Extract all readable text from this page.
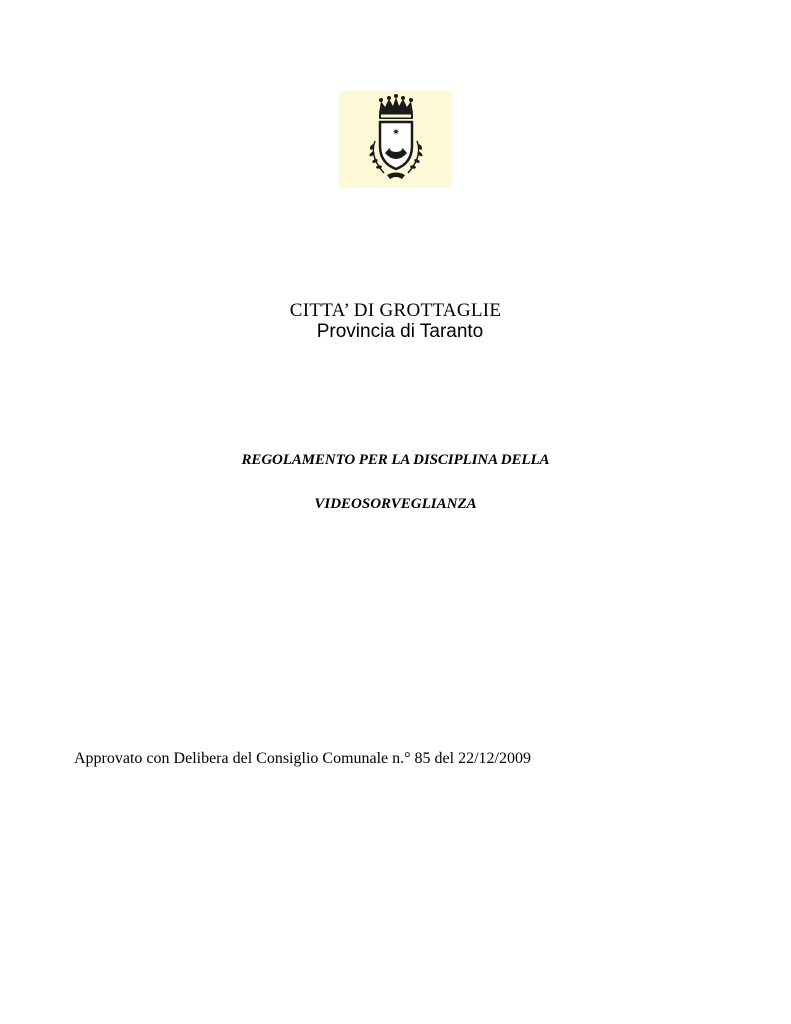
✷
CITTA’ DI GROTTAGLIE
Provincia di Taranto
REGOLAMENTO PER LA DISCIPLINA DELLA
VIDEOSORVEGLIANZA
Approvato con Delibera del Consiglio Comunale n.° 85 del 22/12/2009
